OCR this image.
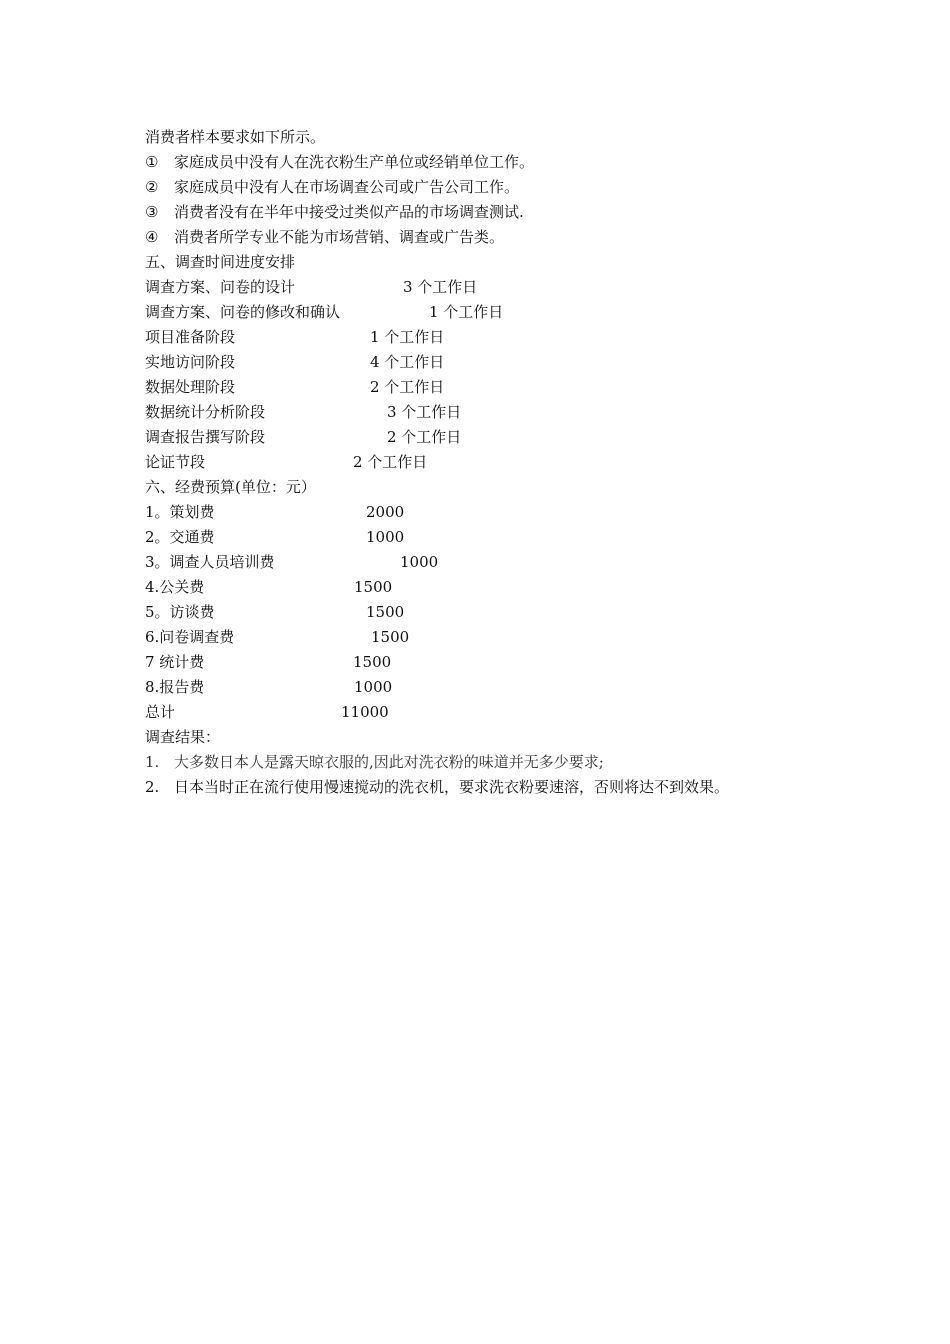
消费者样本要求如下所示。
① 家庭成员中没有人在洗衣粉生产单位或经销单位工作。
② 家庭成员中没有人在市场调查公司或广告公司工作。
③ 消费者没有在半年中接受过类似产品的市场调查测试.
④ 消费者所学专业不能为市场营销、调查或广告类。
五、调查时间进度安排
调查方案、问卷的设计	3 个工作日
调查方案、问卷的修改和确认	1 个工作日
项目准备阶段	1 个工作日
实地访问阶段	4 个工作日
数据处理阶段	2 个工作日
数据统计分析阶段	3 个工作日
调查报告撰写阶段	2 个工作日
论证节段	2 个工作日
六、经费预算(单位：元）
1。策划费	2000
2。交通费	1000
3。调查人员培训费	1000
4.公关费	1500
5。访谈费	1500
6.问卷调查费	1500
7 统计费	1500
8.报告费	1000
总计	11000
调查结果：
1. 大多数日本人是露天晾衣服的,因此对洗衣粉的味道并无多少要求;
2. 日本当时正在流行使用慢速搅动的洗衣机，要求洗衣粉要速溶，否则将达不到效果。
